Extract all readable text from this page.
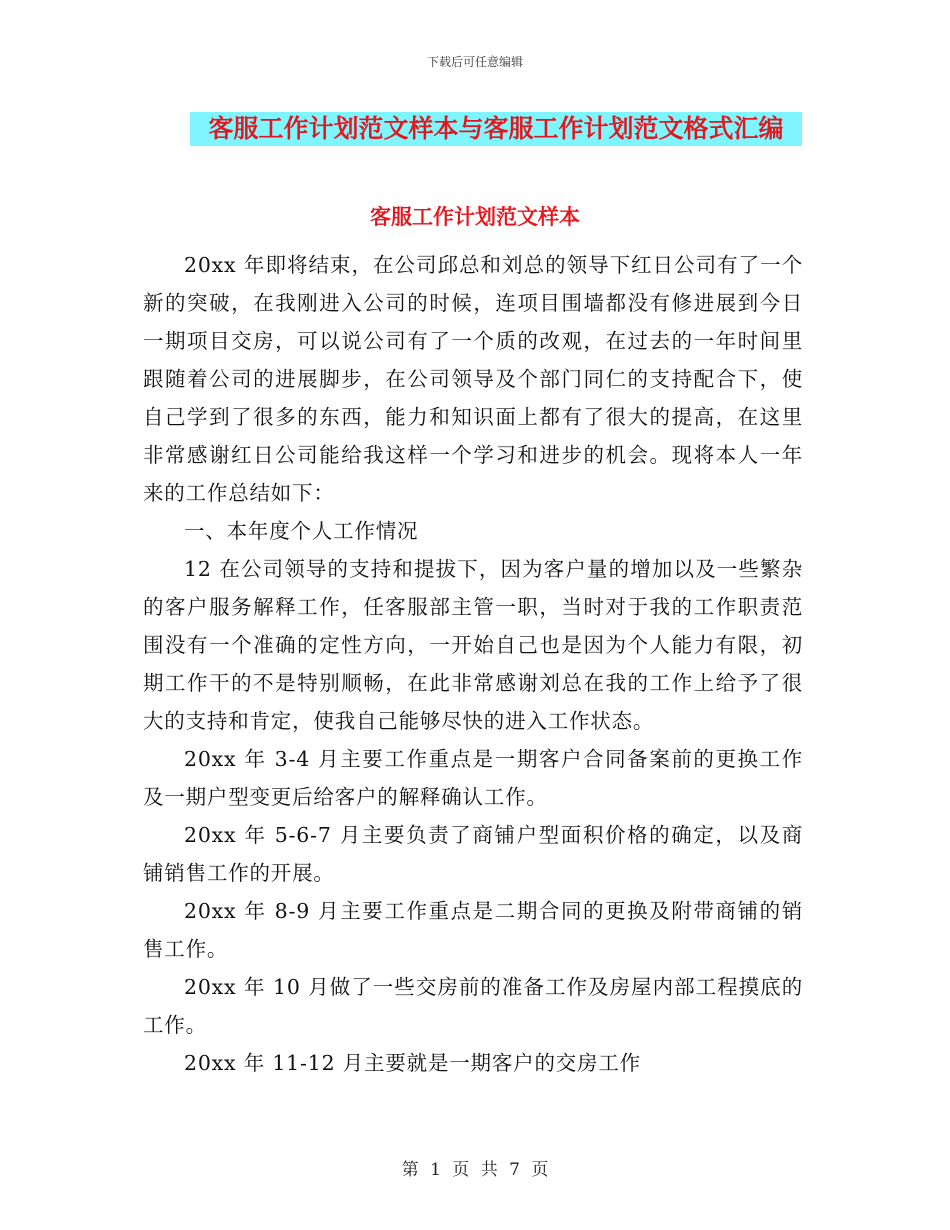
下载后可任意编辑
客服工作计划范文样本与客服工作计划范文格式汇编
客服工作计划范文样本

20xx 年即将结束，在公司邱总和刘总的领导下红日公司有了一个新的突破，在我刚进入公司的时候，连项目围墙都没有修进展到今日一期项目交房，可以说公司有了一个质的改观，在过去的一年时间里跟随着公司的进展脚步，在公司领导及个部门同仁的支持配合下，使自己学到了很多的东西，能力和知识面上都有了很大的提高，在这里非常感谢红日公司能给我这样一个学习和进步的机会。现将本人一年来的工作总结如下：

一、本年度个人工作情况

12 在公司领导的支持和提拔下，因为客户量的增加以及一些繁杂的客户服务解释工作，任客服部主管一职，当时对于我的工作职责范围没有一个准确的定性方向，一开始自己也是因为个人能力有限，初期工作干的不是特别顺畅，在此非常感谢刘总在我的工作上给予了很大的支持和肯定，使我自己能够尽快的进入工作状态。

20xx 年 3-4 月主要工作重点是一期客户合同备案前的更换工作及一期户型变更后给客户的解释确认工作。

20xx 年 5-6-7 月主要负责了商铺户型面积价格的确定，以及商铺销售工作的开展。

20xx 年 8-9 月主要工作重点是二期合同的更换及附带商铺的销售工作。

20xx 年 10 月做了一些交房前的准备工作及房屋内部工程摸底的工作。

20xx 年 11-12 月主要就是一期客户的交房工作

第 1 页 共 7 页
